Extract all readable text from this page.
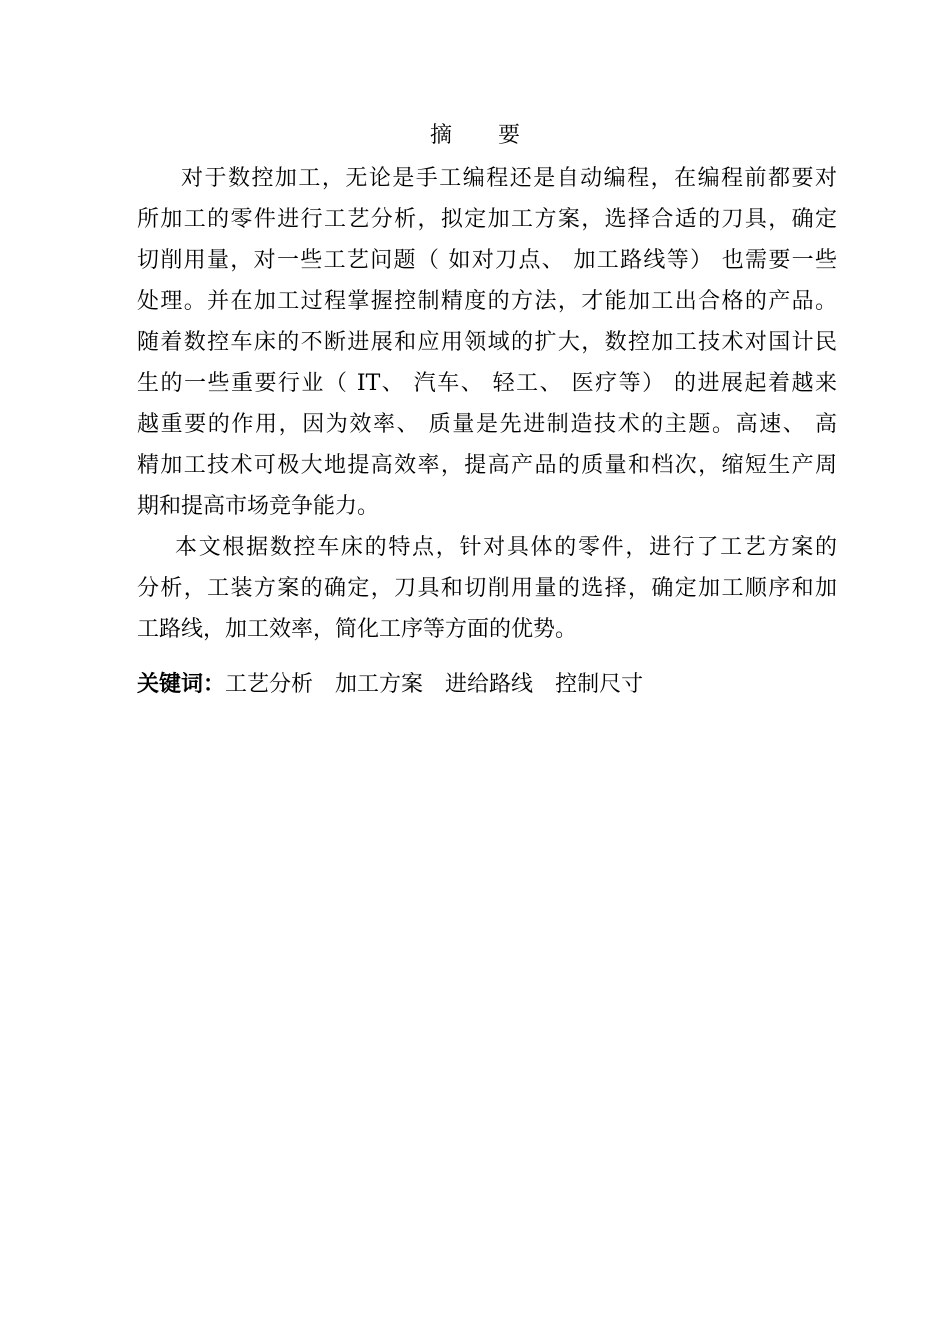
摘 要
对于数控加工，无论是手工编程还是自动编程，在编程前都要对
所加工的零件进行工艺分析，拟定加工方案，选择合适的刀具，确定
切削用量，对一些工艺问题（ 如对刀点、 加工路线等） 也需要一些
处理。并在加工过程掌握控制精度的方法，才能加工出合格的产品。
随着数控车床的不断进展和应用领域的扩大，数控加工技术对国计民
生的一些重要行业（ IT、 汽车、 轻工、 医疗等） 的进展起着越来
越重要的作用，因为效率、 质量是先进制造技术的主题。高速、 高
精加工技术可极大地提高效率，提高产品的质量和档次，缩短生产周
期和提高市场竞争能力。
本文根据数控车床的特点，针对具体的零件，进行了工艺方案的
分析，工装方案的确定，刀具和切削用量的选择，确定加工顺序和加
工路线，加工效率，简化工序等方面的优势。
关键词：工艺分析 加工方案 进给路线 控制尺寸
